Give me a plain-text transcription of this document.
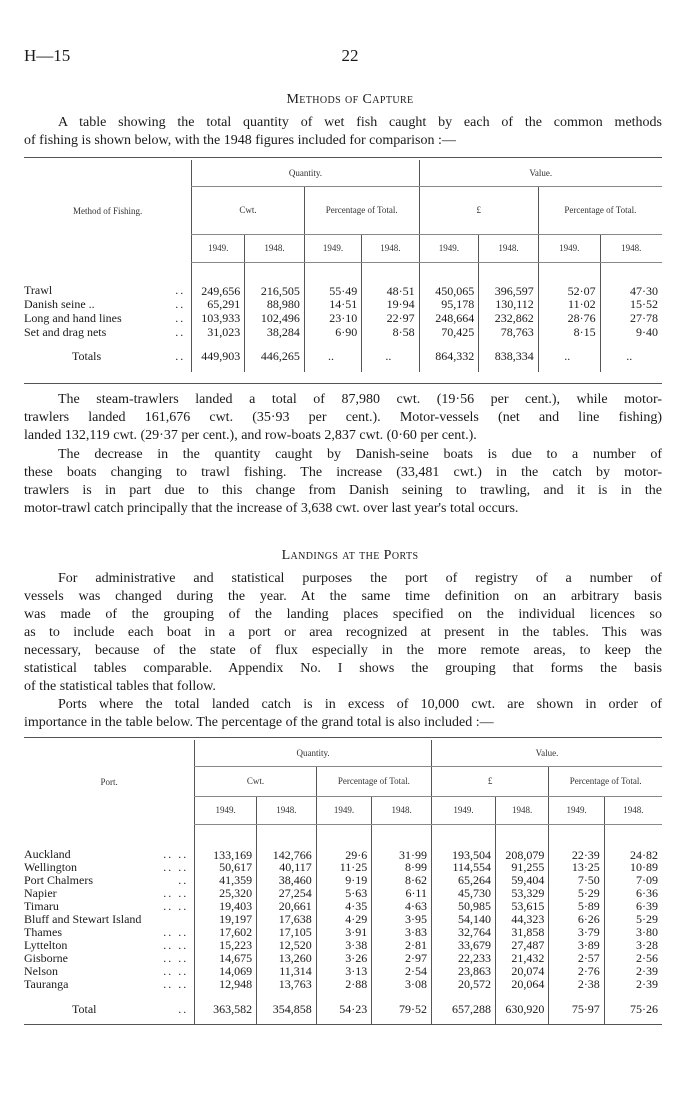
H—15	22
Methods of Capture
A table showing the total quantity of wet fish caught by each of the common methods
of fishing is shown below, with the 1948 figures included for comparison :—
Method of Fishing.	Quantity.				Value.			
	Cwt.		Percentage of Total.		£		Percentage of Total.	
	1949.	1948.	1949.	1948.	1949.	1948.	1949.	1948.

..
Trawl	249,656	216,505	55·49	48·51	450,065	396,597	52·07	47·30

..
Danish seine ..	65,291	88,980	14·51	19·94	95,178	130,112	11·02	15·52

..
Long and hand lines	103,933	102,496	23·10	22·97	248,664	232,862	28·76	27·78

..
Set and drag nets	31,023	38,284	6·90	8·58	70,425	78,763	8·15	9·40

..
Totals	449,903	446,265	..	..	864,332	838,334	..	..
The steam-trawlers landed a total of 87,980 cwt. (19·56 per cent.), while motor-
trawlers landed 161,676 cwt. (35·93 per cent.). Motor-vessels (net and line fishing)
landed 132,119 cwt. (29·37 per cent.), and row-boats 2,837 cwt. (0·60 per cent.).
The decrease in the quantity caught by Danish-seine boats is due to a number of
these boats changing to trawl fishing. The increase (33,481 cwt.) in the catch by motor-
trawlers is in part due to this change from Danish seining to trawling, and it is in the
motor-trawl catch principally that the increase of 3,638 cwt. over last year's total occurs.
Landings at the Ports
For administrative and statistical purposes the port of registry of a number of
vessels was changed during the year. At the same time definition on an arbitrary basis
was made of the grouping of the landing places specified on the individual licences so
as to include each boat in a port or area recognized at present in the tables. This was
necessary, because of the state of flux especially in the more remote areas, to keep the
statistical tables comparable. Appendix No. I shows the grouping that forms the basis
of the statistical tables that follow.
Ports where the total landed catch is in excess of 10,000 cwt. are shown in order of
importance in the table below. The percentage of the grand total is also included :—
Port.	Quantity.				Value.			
	Cwt.		Percentage of Total.		£		Percentage of Total.	
	1949.	1948.	1949.	1948.	1949.	1948.	1949.	1948.

.. ..
Auckland	133,169	142,766	29·6	31·99	193,504	208,079	22·39	24·82

.. ..
Wellington	50,617	40,117	11·25	8·99	114,554	91,255	13·25	10·89

..
Port Chalmers	41,359	38,460	9·19	8·62	65,264	59,404	7·50	7·09

.. ..
Napier	25,320	27,254	5·63	6·11	45,730	53,329	5·29	6·36

.. ..
Timaru	19,403	20,661	4·35	4·63	50,985	53,615	5·89	6·39
Bluff and Stewart Island	19,197	17,638	4·29	3·95	54,140	44,323	6·26	5·29

.. ..
Thames	17,602	17,105	3·91	3·83	32,764	31,858	3·79	3·80

.. ..
Lyttelton	15,223	12,520	3·38	2·81	33,679	27,487	3·89	3·28

.. ..
Gisborne	14,675	13,260	3·26	2·97	22,233	21,432	2·57	2·56

.. ..
Nelson	14,069	11,314	3·13	2·54	23,863	20,074	2·76	2·39

.. ..
Tauranga	12,948	13,763	2·88	3·08	20,572	20,064	2·38	2·39

..
Total	363,582	354,858	54·23	79·52	657,288	630,920	75·97	75·26
